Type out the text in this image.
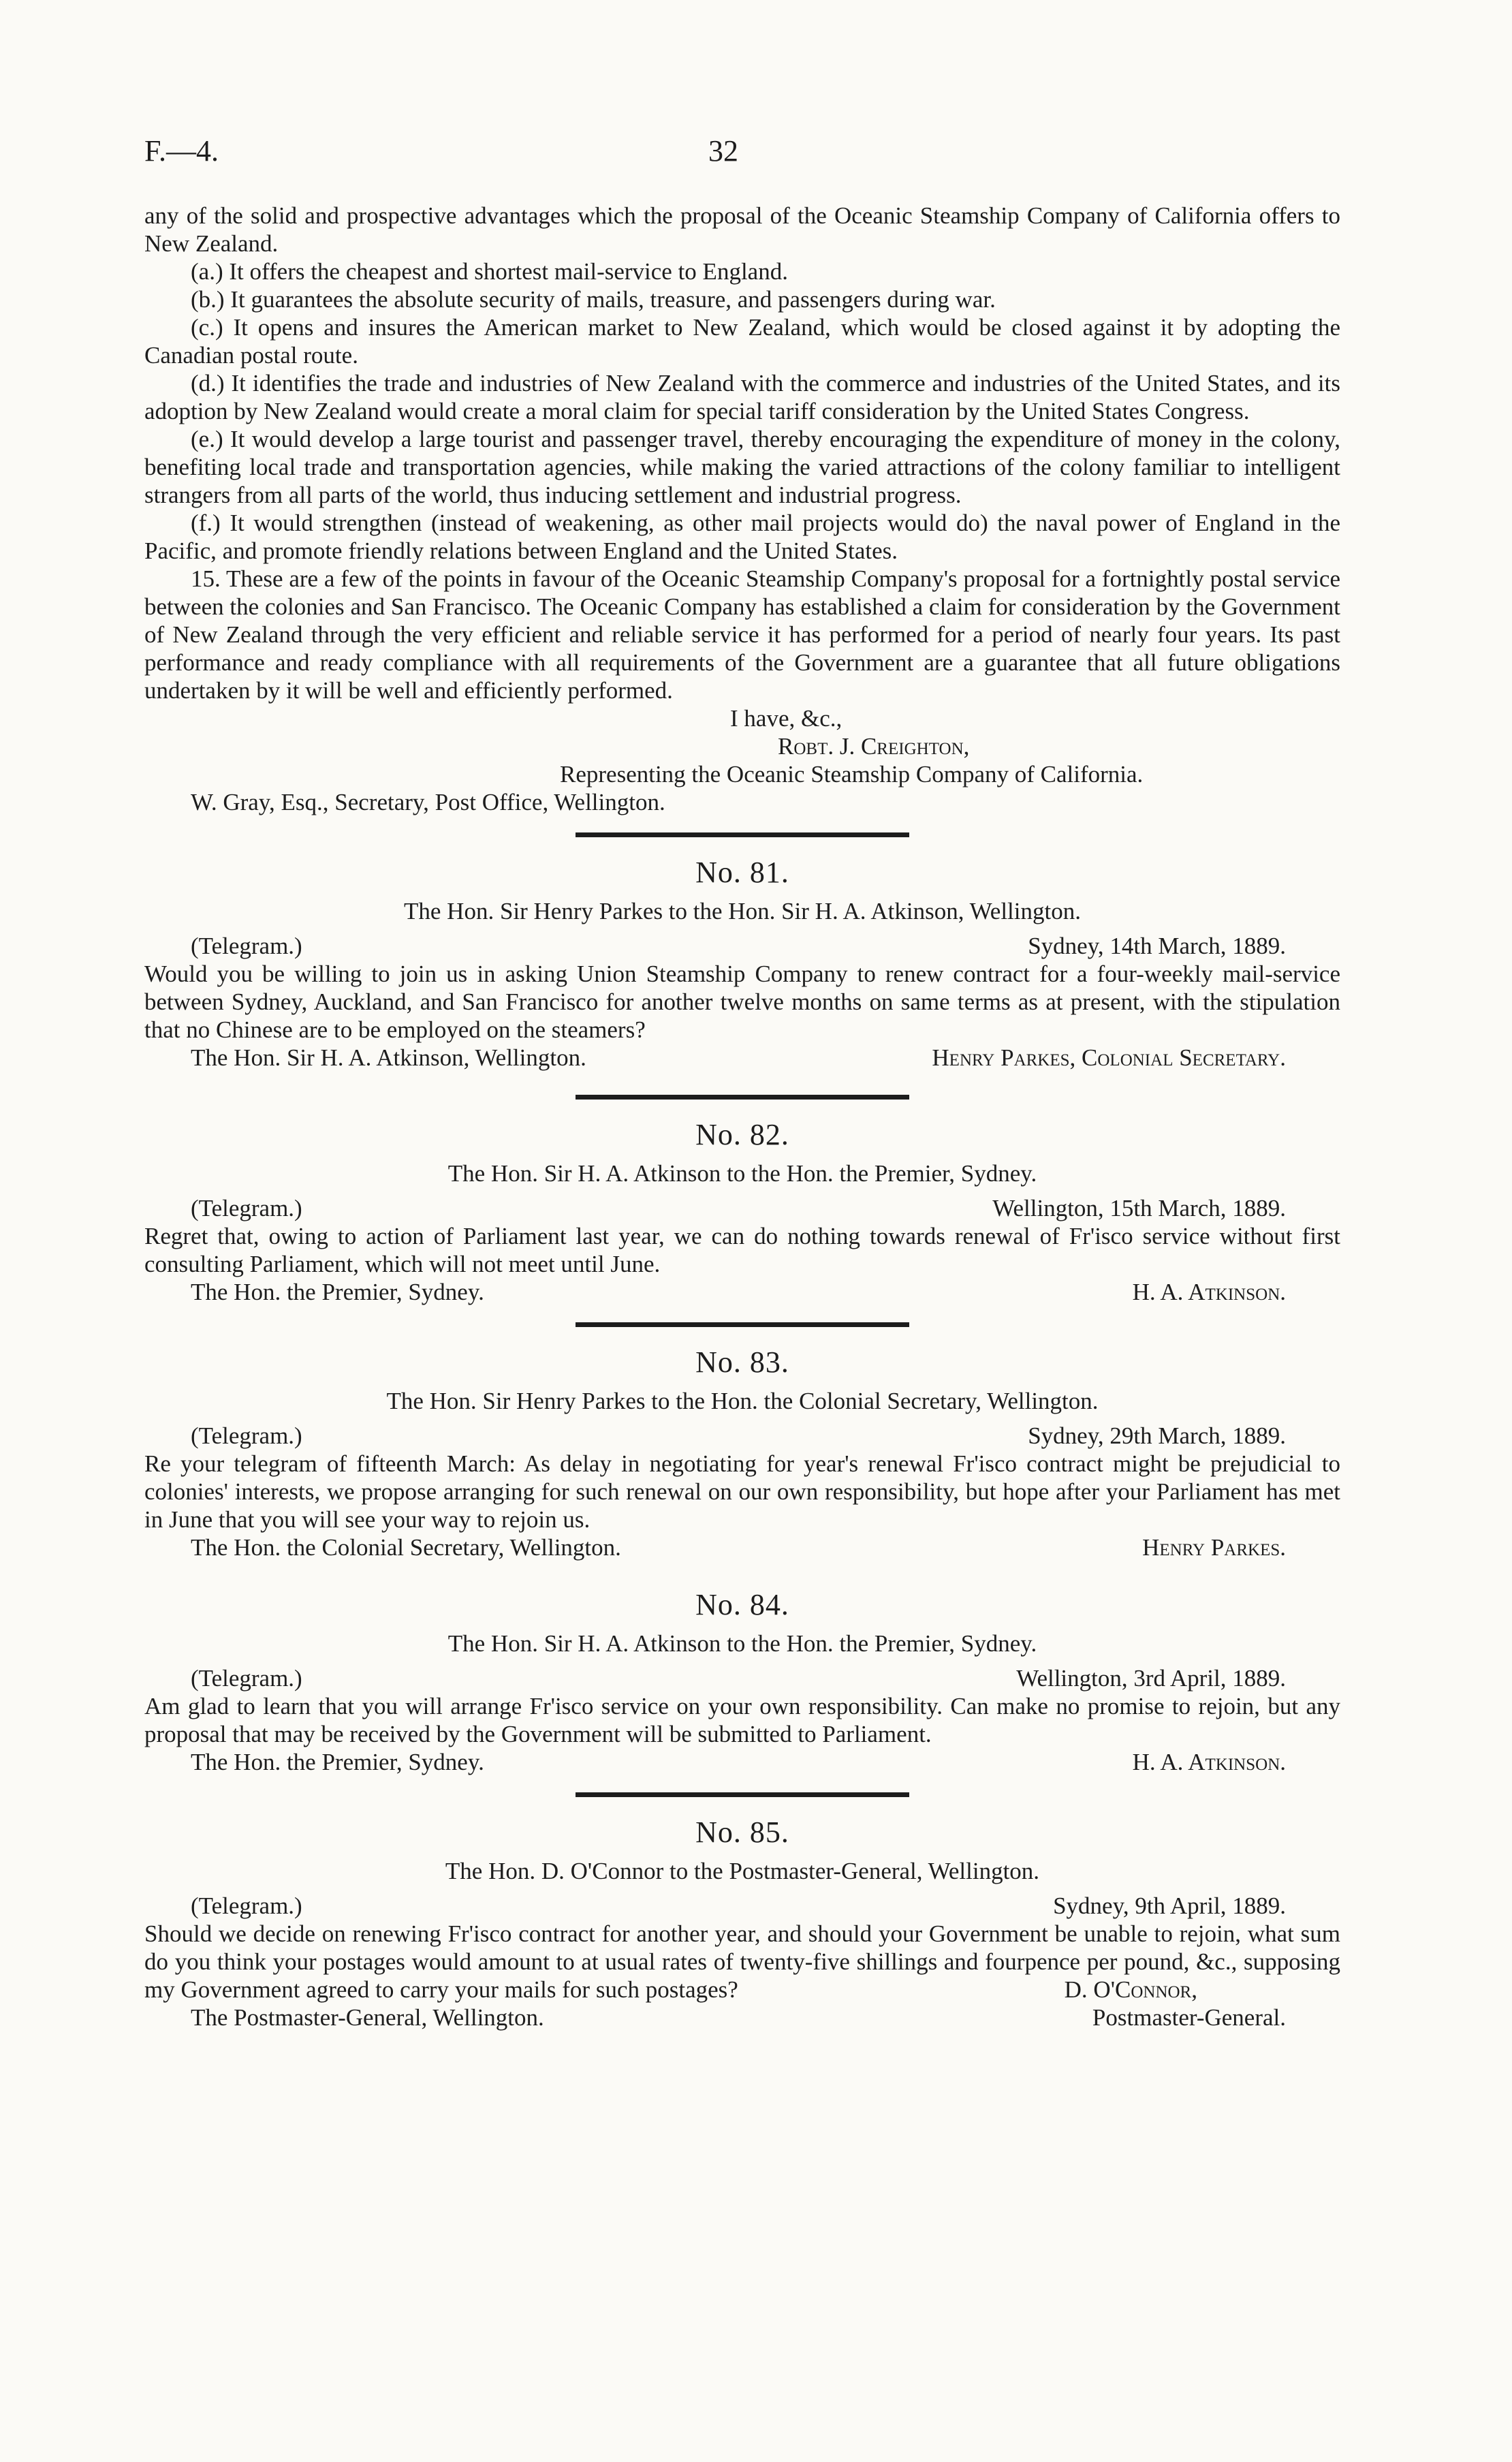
F.—4.	32

any of the solid and prospective advantages which the proposal of the Oceanic Steamship Company of California offers to New Zealand.

(a.) It offers the cheapest and shortest mail-service to England.

(b.) It guarantees the absolute security of mails, treasure, and passengers during war.

(c.) It opens and insures the American market to New Zealand, which would be closed against it by adopting the Canadian postal route.

(d.) It identifies the trade and industries of New Zealand with the commerce and industries of the United States, and its adoption by New Zealand would create a moral claim for special tariff consideration by the United States Congress.

(e.) It would develop a large tourist and passenger travel, thereby encouraging the expenditure of money in the colony, benefiting local trade and transportation agencies, while making the varied attractions of the colony familiar to intelligent strangers from all parts of the world, thus inducing settlement and industrial progress.

(f.) It would strengthen (instead of weakening, as other mail projects would do) the naval power of England in the Pacific, and promote friendly relations between England and the United States.

15. These are a few of the points in favour of the Oceanic Steamship Company's proposal for a fortnightly postal service between the colonies and San Francisco. The Oceanic Company has established a claim for consideration by the Government of New Zealand through the very efficient and reliable service it has performed for a period of nearly four years. Its past performance and ready compliance with all requirements of the Government are a guarantee that all future obligations undertaken by it will be well and efficiently performed.

I have, &c.,
Robt. J. Creighton,
Representing the Oceanic Steamship Company of California.
W. Gray, Esq., Secretary, Post Office, Wellington.
No. 81.
The Hon. Sir Henry Parkes to the Hon. Sir H. A. Atkinson, Wellington.
(Telegram.)	Sydney, 14th March, 1889.

Would you be willing to join us in asking Union Steamship Company to renew contract for a four-weekly mail-service between Sydney, Auckland, and San Francisco for another twelve months on same terms as at present, with the stipulation that no Chinese are to be employed on the steamers?

The Hon. Sir H. A. Atkinson, Wellington.	Henry Parkes, Colonial Secretary.
No. 82.
The Hon. Sir H. A. Atkinson to the Hon. the Premier, Sydney.
(Telegram.)	Wellington, 15th March, 1889.

Regret that, owing to action of Parliament last year, we can do nothing towards renewal of Fr'isco service without first consulting Parliament, which will not meet until June.

The Hon. the Premier, Sydney.	H. A. Atkinson.
No. 83.
The Hon. Sir Henry Parkes to the Hon. the Colonial Secretary, Wellington.
(Telegram.)	Sydney, 29th March, 1889.

Re your telegram of fifteenth March: As delay in negotiating for year's renewal Fr'isco contract might be prejudicial to colonies' interests, we propose arranging for such renewal on our own responsibility, but hope after your Parliament has met in June that you will see your way to rejoin us.

The Hon. the Colonial Secretary, Wellington.	Henry Parkes.
No. 84.
The Hon. Sir H. A. Atkinson to the Hon. the Premier, Sydney.
(Telegram.)	Wellington, 3rd April, 1889.

Am glad to learn that you will arrange Fr'isco service on your own responsibility. Can make no promise to rejoin, but any proposal that may be received by the Government will be submitted to Parliament.

The Hon. the Premier, Sydney.	H. A. Atkinson.
No. 85.
The Hon. D. O'Connor to the Postmaster-General, Wellington.
(Telegram.)	Sydney, 9th April, 1889.

Should we decide on renewing Fr'isco contract for another year, and should your Government be unable to rejoin, what sum do you think your postages would amount to at usual rates of twenty-five shillings and fourpence per pound, &c., supposing my Government agreed to carry your mails for such postages?	D. O'Connor,
The Postmaster-General, Wellington.	Postmaster-General.
